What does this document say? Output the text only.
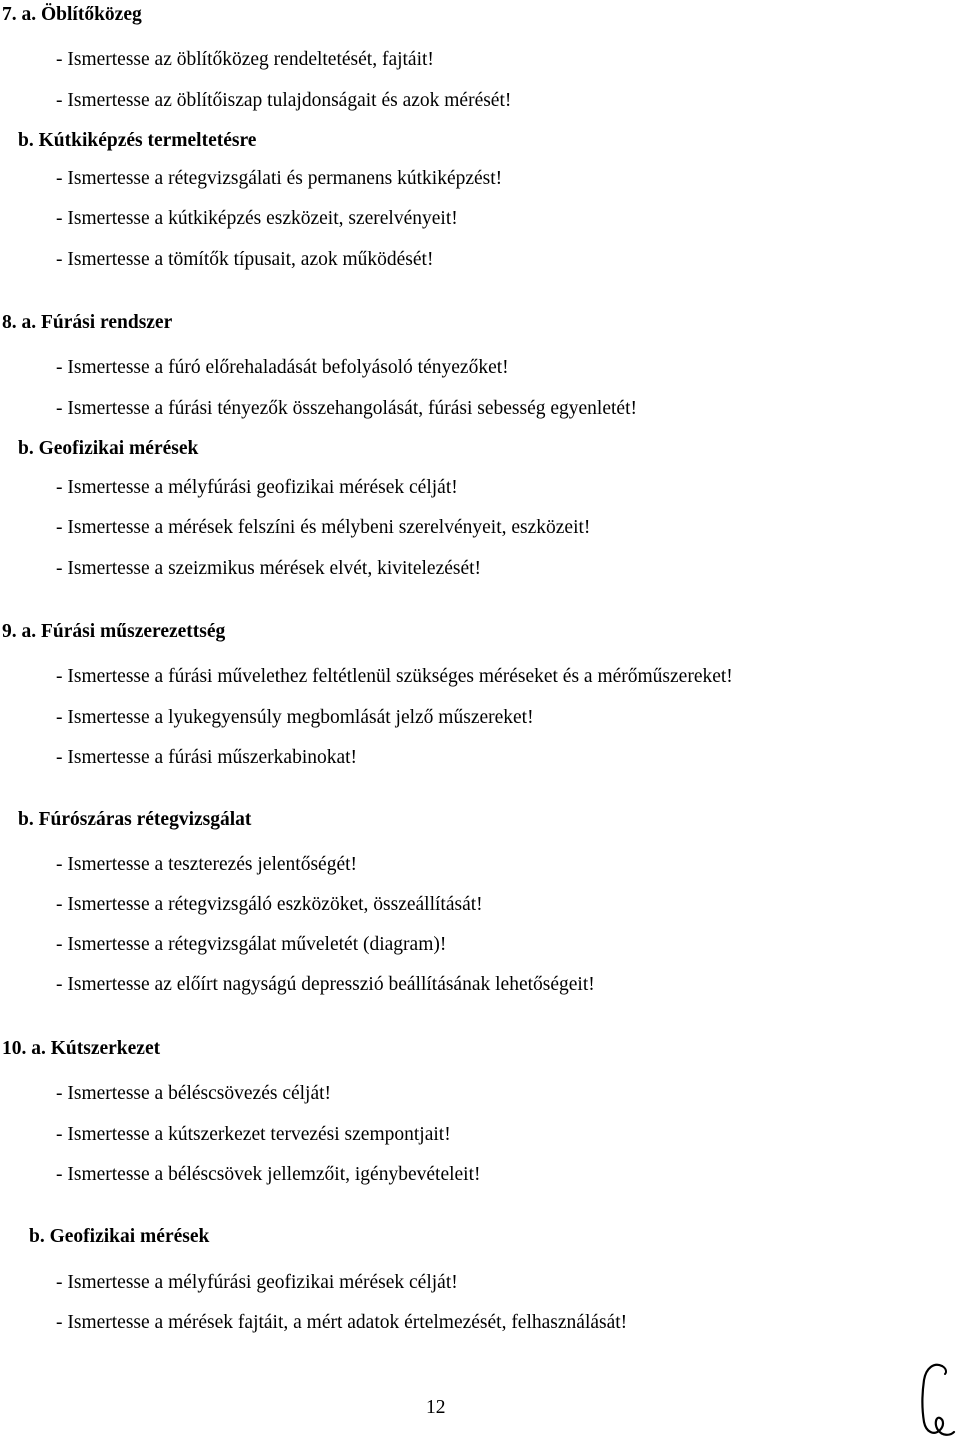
7. a. Öblítőközeg
- Ismertesse az öblítőközeg rendeltetését, fajtáit!
- Ismertesse az öblítőiszap tulajdonságait és azok mérését!
b. Kútkiképzés termeltetésre
- Ismertesse a rétegvizsgálati és permanens kútkiképzést!
- Ismertesse a kútkiképzés eszközeit, szerelvényeit!
- Ismertesse a tömítők típusait, azok működését!
8. a. Fúrási rendszer
- Ismertesse a fúró előrehaladását befolyásoló tényezőket!
- Ismertesse a fúrási tényezők összehangolását, fúrási sebesség egyenletét!
b. Geofizikai mérések
- Ismertesse a mélyfúrási geofizikai mérések célját!
- Ismertesse a mérések felszíni és mélybeni szerelvényeit, eszközeit!
- Ismertesse a szeizmikus mérések elvét, kivitelezését!
9. a. Fúrási műszerezettség
- Ismertesse a fúrási művelethez feltétlenül szükséges méréseket és a mérőműszereket!
- Ismertesse a lyukegyensúly megbomlását jelző műszereket!
- Ismertesse a fúrási műszerkabinokat!
b. Fúrószáras rétegvizsgálat
- Ismertesse a teszterezés jelentőségét!
- Ismertesse a rétegvizsgáló eszközöket, összeállítását!
- Ismertesse a rétegvizsgálat műveletét (diagram)!
- Ismertesse az előírt nagyságú depresszió beállításának lehetőségeit!
10. a. Kútszerkezet
- Ismertesse a béléscsövezés célját!
- Ismertesse a kútszerkezet tervezési szempontjait!
- Ismertesse a béléscsövek jellemzőit, igénybevételeit!
b. Geofizikai mérések
- Ismertesse a mélyfúrási geofizikai mérések célját!
- Ismertesse a mérések fajtáit, a mért adatok értelmezését, felhasználását!
12
